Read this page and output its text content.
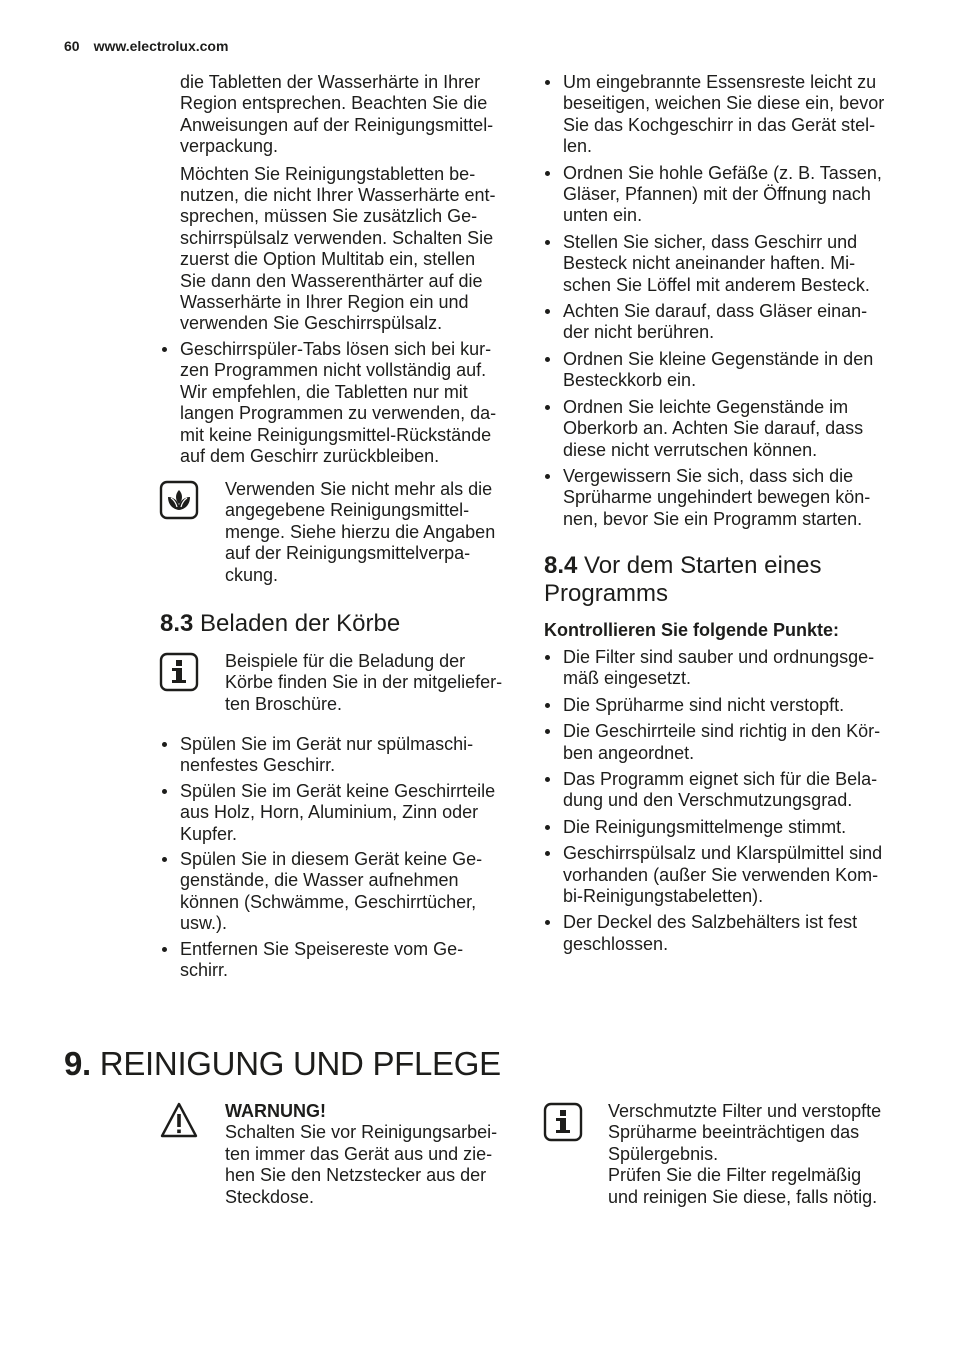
60 www.electrolux.com

die Tabletten der Wasserhärte in Ihrer
Region entsprechen. Beachten Sie die
Anweisungen auf der Reinigungsmittel-
verpackung.

Möchten Sie Reinigungstabletten be-
nutzen, die nicht Ihrer Wasserhärte ent-
sprechen, müssen Sie zusätzlich Ge-
schirrspülsalz verwenden. Schalten Sie
zuerst die Option Multitab ein, stellen
Sie dann den Wasserenthärter auf die
Wasserhärte in Ihrer Region ein und
verwenden Sie Geschirrspülsalz.

Geschirrspüler-Tabs lösen sich bei kur-
zen Programmen nicht vollständig auf.
Wir empfehlen, die Tabletten nur mit
langen Programmen zu verwenden, da-
mit keine Reinigungsmittel-Rückstände
auf dem Geschirr zurückbleiben.

Verwenden Sie nicht mehr als die
angegebene Reinigungsmittel-
menge. Siehe hierzu die Angaben
auf der Reinigungsmittelverpa-
ckung.

8.3 Beladen der Körbe

Beispiele für die Beladung der
Körbe finden Sie in der mitgeliefer-
ten Broschüre.

Spülen Sie im Gerät nur spülmaschi-
nenfestes Geschirr.
Spülen Sie im Gerät keine Geschirrteile
aus Holz, Horn, Aluminium, Zinn oder
Kupfer.
Spülen Sie in diesem Gerät keine Ge-
genstände, die Wasser aufnehmen
können (Schwämme, Geschirrtücher,
usw.).
Entfernen Sie Speisereste vom Ge-
schirr.
Um eingebrannte Essensreste leicht zu
beseitigen, weichen Sie diese ein, bevor
Sie das Kochgeschirr in das Gerät stel-
len.
Ordnen Sie hohle Gefäße (z. B. Tassen,
Gläser, Pfannen) mit der Öffnung nach
unten ein.
Stellen Sie sicher, dass Geschirr und
Besteck nicht aneinander haften. Mi-
schen Sie Löffel mit anderem Besteck.
Achten Sie darauf, dass Gläser einan-
der nicht berühren.
Ordnen Sie kleine Gegenstände in den
Besteckkorb ein.
Ordnen Sie leichte Gegenstände im
Oberkorb an. Achten Sie darauf, dass
diese nicht verrutschen können.
Vergewissern Sie sich, dass sich die
Sprüharme ungehindert bewegen kön-
nen, bevor Sie ein Programm starten.
8.4 Vor dem Starten eines
Programms
Kontrollieren Sie folgende Punkte:
Die Filter sind sauber und ordnungsge-
mäß eingesetzt.
Die Sprüharme sind nicht verstopft.
Die Geschirrteile sind richtig in den Kör-
ben angeordnet.
Das Programm eignet sich für die Bela-
dung und den Verschmutzungsgrad.
Die Reinigungsmittelmenge stimmt.
Geschirrspülsalz und Klarspülmittel sind
vorhanden (außer Sie verwenden Kom-
bi-Reinigungstabeletten).
Der Deckel des Salzbehälters ist fest
geschlossen.
9. REINIGUNG UND PFLEGE
WARNUNG!
Schalten Sie vor Reinigungsarbei-
ten immer das Gerät aus und zie-
hen Sie den Netzstecker aus der
Steckdose.

Verschmutzte Filter und verstopfte
Sprüharme beeinträchtigen das
Spülergebnis.
Prüfen Sie die Filter regelmäßig
und reinigen Sie diese, falls nötig.
